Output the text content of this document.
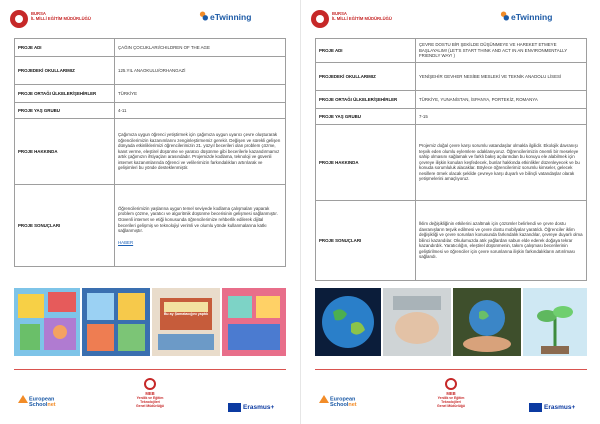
BURSA
İL MİLLİ EĞİTİM MÜDÜRLÜĞÜ	eTwinning
PROJE ADI	ÇAĞIN ÇOCUKLARI/CHILDREN OF THE AGE
PROJEDEKİ OKULLARIMIZ	125.YIL ANAOKULU/ORHANGAZİ
PROJE ORTAĞI ÜLKELER/ŞEHİRLER	TÜRKİYE
PROJE YAŞ GRUBU	4-11
PROJE HAKKINDA	Çağımıza uygun öğrenci yetiştirmek için çağımıza uygun uyarıcı çevre oluşturarak öğrencilerimizin kazanımlarını zenginleştirmemiz gerekir. Değişen ve sürekli gelişen dünyada etkinliklerimizi öğrencilerimizin 21. yüzyıl becerileri olan problem çözme, kanıt verme, eleştirel düşünme ve yaratıcı düşünme gibi becerilerle kazandırmamız artık çağımızın ihtiyaçları arasındadır. Projemizde kodlama, teknoloji ve güvenli internet kazanımlarında öğrenci ve velilerimizin farkındalıkları artırılarak ve gelişimleri bu yönde desteklenmiştir.
PROJE SONUÇLARI	Öğrencilerimizin yaşlarına uygun temel seviyede kodlama çalışmaları yaparak problem çözme, yaratıcı ve algoritmik düşünme becerisinin gelişmesi sağlanmıştır. Güvenli internet ve etiği konusunda öğrencilerimize rehberlik edilerek dijital becerileri gelişmiş ve teknolojiyi verimli ve olumlu yönde kullanmalarına katkı sağlanmıştır.
HABER
Bu ay Şamatacığını yaptık
MEB
Yenilik ve Eğitim Teknolojileri
Genel Müdürlüğü
European
Schoolnet	Erasmus+
BURSA
İL MİLLİ EĞİTİM MÜDÜRLÜĞÜ	eTwinning
PROJE ADI	ÇEVRE DOSTU BİR ŞEKİLDE DÜŞÜNMEYE VE HAREKET ETMEYE BAŞLAYALIM! (LET'S START THINK AND ACT IN AN ENVIRONMENTALLY FRIENDLY WAY! )
PROJEDEKİ OKULLARIMIZ	YENİŞEHİR GEVHER NESİBE MESLEKİ VE TEKNİK ANADOLU LİSESİ
PROJE ORTAĞI ÜLKELER/ŞEHİRLER	TÜRKİYE, YUNANİSTAN, İSPANYA, PORTEKİZ, ROMANYA
PROJE YAŞ GRUBU	7-15
PROJE HAKKINDA	Projemiz doğal çevre karşı sorumlu vatandaşlar olmakla ilgilidir. Ekolojik davranışı teşvik eden olumlu eylemlere odaklanıyoruz. Öğrencilerimizin önemli bir meseleye sahip olmasını sağlamak ve farklı bakış açılarından bu konuyu ele alabilmek için çevreye ilişkin konuları keşfedecek, bunlar hakkında etkinlikler düzenleyecek ve bu konuda sorumluluk alacaklar. Böylece öğrencilerimiz sorumlu kimseler, gelecek nesillere örnek olacak şekilde çevreye karşı duyarlı ve bilinçli vatandaşlar olarak yetişmelerini amaçlıyoruz.
PROJE SONUÇLARI	İklim değişikliğinin etkilerini azaltmak için çözümler belirlendi ve çevre dostu davranışların teşvik edilmesi ve çevre dostu mobilyalar yaratıldı. Öğrenciler iklim değişikliği ve çevre sorunları konusunda farkındalık kazandılar, çevreye duyarlı olma bilinci kazandılar. Okulumuzda atık yağlardan sabun elde ederek doğaya tekrar kazandırdık. Yaratıcılığın, eleştirel düşünmenin, takım çalışması becerilerinin geliştirilmesi ve öğrenciler için çevre sorunlarına ilişkin farkındalıkların artırılması sağlandı.
MEB
Yenilik ve Eğitim Teknolojileri
Genel Müdürlüğü
European
Schoolnet	Erasmus+
